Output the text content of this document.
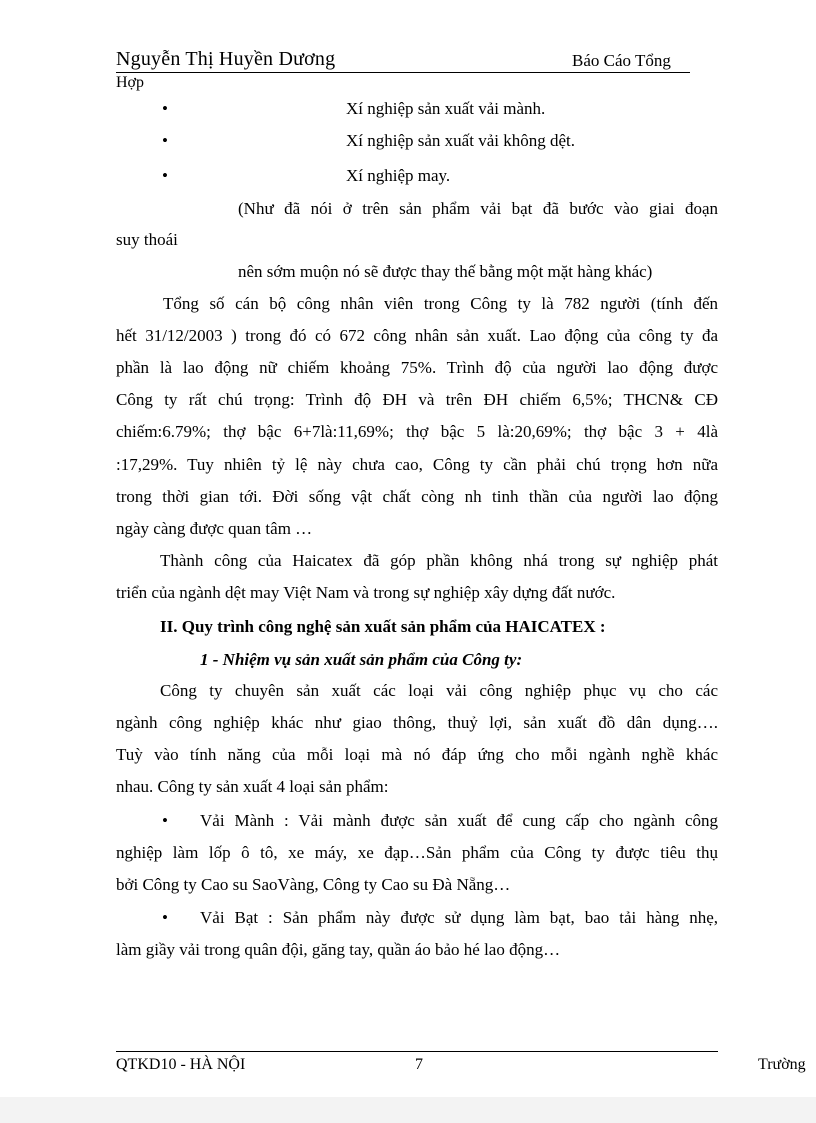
Nguyễn Thị Huyền Dương	Báo Cáo Tổng
Hợp
•	Xí nghiệp sản xuất vải mành.
•	Xí nghiệp sản xuất vải không dệt.
•	Xí nghiệp may.
(Như đã nói ở trên sản phẩm vải bạt đã bước vào giai đoạn
suy thoái
nên sớm muộn nó sẽ được thay thế bằng một mặt hàng khác)
Tổng số cán bộ công nhân viên trong Công ty là 782 người (tính đến
hết 31/12/2003 ) trong đó có 672 công nhân sản xuất. Lao động của công ty đa
phần là lao động nữ chiếm khoảng 75%. Trình độ của người lao động được
Công ty rất chú trọng: Trình độ ĐH và trên ĐH chiếm 6,5%; THCN& CĐ
chiếm:6.79%; thợ bậc 6+7là:11,69%; thợ bậc 5 là:20,69%; thợ bậc 3 + 4là
:17,29%. Tuy nhiên tỷ lệ này chưa cao, Công ty cần phải chú trọng hơn nữa
trong thời gian tới. Đời sống vật chất còng nh tinh thần của người lao động
ngày càng được quan tâm …
Thành công của Haicatex đã góp phần không nhá trong sự nghiệp phát
triển của ngành dệt may Việt Nam và trong sự nghiệp xây dựng đất nước.
II. Quy trình công nghệ sản xuất sản phẩm của HAICATEX :
1 - Nhiệm vụ sản xuất sản phẩm của Công ty:
Công ty chuyên sản xuất các loại vải công nghiệp phục vụ cho các
ngành công nghiệp khác như giao thông, thuỷ lợi, sản xuất đồ dân dụng….
Tuỳ vào tính năng của mỗi loại mà nó đáp ứng cho mỗi ngành nghề khác
nhau. Công ty sản xuất 4 loại sản phẩm:
• Vải Mành : Vải mành được sản xuất để cung cấp cho ngành công
nghiệp làm lốp ô tô, xe máy, xe đạp…Sản phẩm của Công ty được tiêu thụ
bởi Công ty Cao su SaoVàng, Công ty Cao su Đà Nẵng…
• Vải Bạt : Sản phẩm này được sử dụng làm bạt, bao tải hàng nhẹ,
làm giầy vải trong quân đội, găng tay, quần áo bảo hé lao động…
QTKD10 - HÀ NỘI	7	Trường
